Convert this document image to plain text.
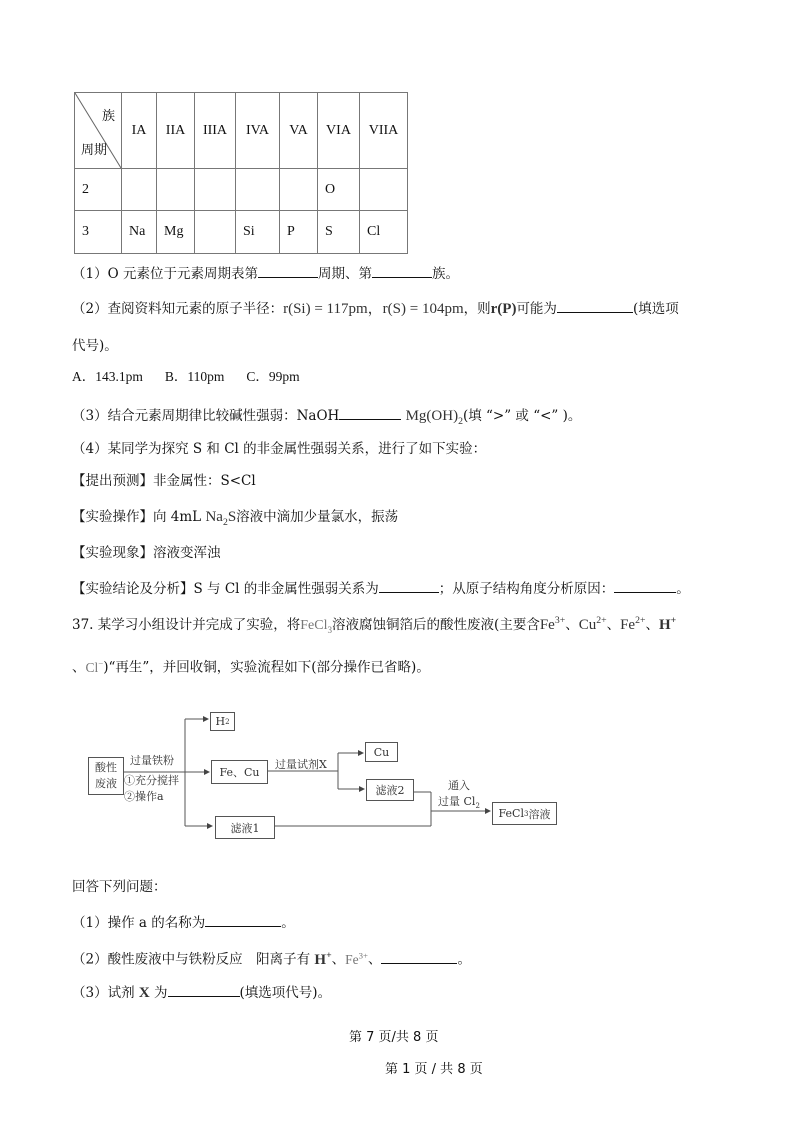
族
周期	IA	IIA	IIIA	IVA	VA	VIA	VIIA
2						O	
3	Na	Mg		Si	P	S	Cl
（1）O 元素位于元素周期表第	周期、第	族。
（2）查阅资料知元素的原子半径：r(Si) = 117pm，r(S) = 104pm，则r(P)可能为	(填选项
代号)。
A．143.1pm B．110pm C．99pm
（3）结合元素周期律比较碱性强弱：NaOH	$Mg(OH)_2$(填 “>” 或 “<” )。
（4）某同学为探究 S 和 Cl 的非金属性强弱关系，进行了如下实验：
【提出预测】非金属性：S<Cl
【实验操作】向 4mL $Na_2S$溶液中滴加少量氯水，振荡
【实验现象】溶液变浑浊
【实验结论及分析】S 与 Cl 的非金属性强弱关系为	；从原子结构角度分析原因：	。
37. 某学习小组设计并完成了实验，将FeCl$_3$溶液腐蚀铜箔后的酸性废液(主要含$Fe^{3+}$、$Cu^{2+}$、$Fe^{2+}$、H+
、Cl−)“再生”，并回收铜，实验流程如下(部分操作已省略)。
酸性
废液
过量铁粉
①充分搅拌
②操作a
H 2
Fe、Cu
过量试剂X
Cu
滤液2
滤液1
通入
过量 $Cl_2$
FeCl 3 溶液
回答下列问题：
（1）操作 a 的名称为	。
（2）酸性废液中与铁粉反应　阳离子有 H+、$Fe^{3+}$、	。
（3）试剂 X 为	(填选项代号)。
第 7 页/共 8 页
第 1 页 / 共 8 页
